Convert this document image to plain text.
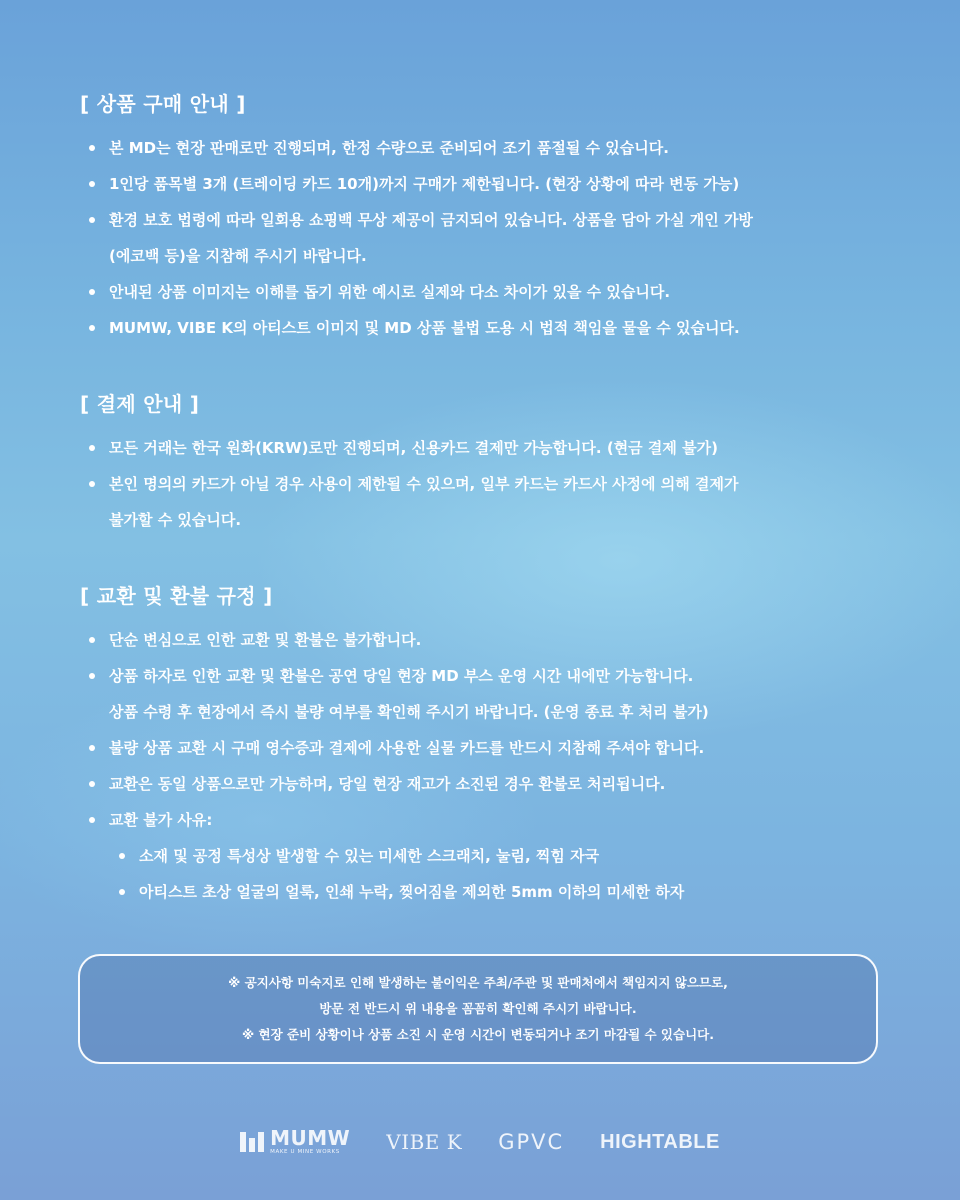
[ 상품 구매 안내 ]
본 MD는 현장 판매로만 진행되며, 한정 수량으로 준비되어 조기 품절될 수 있습니다.
1인당 품목별 3개 (트레이딩 카드 10개)까지 구매가 제한됩니다. (현장 상황에 따라 변동 가능)
환경 보호 법령에 따라 일회용 쇼핑백 무상 제공이 금지되어 있습니다. 상품을 담아 가실 개인 가방
(에코백 등)을 지참해 주시기 바랍니다.
안내된 상품 이미지는 이해를 돕기 위한 예시로 실제와 다소 차이가 있을 수 있습니다.
MUMW, VIBE K의 아티스트 이미지 및 MD 상품 불법 도용 시 법적 책임을 물을 수 있습니다.
[ 결제 안내 ]
모든 거래는 한국 원화(KRW)로만 진행되며, 신용카드 결제만 가능합니다. (현금 결제 불가)
본인 명의의 카드가 아닐 경우 사용이 제한될 수 있으며, 일부 카드는 카드사 사정에 의해 결제가
불가할 수 있습니다.
[ 교환 및 환불 규정 ]
단순 변심으로 인한 교환 및 환불은 불가합니다.
상품 하자로 인한 교환 및 환불은 공연 당일 현장 MD 부스 운영 시간 내에만 가능합니다.
상품 수령 후 현장에서 즉시 불량 여부를 확인해 주시기 바랍니다. (운영 종료 후 처리 불가)
불량 상품 교환 시 구매 영수증과 결제에 사용한 실물 카드를 반드시 지참해 주셔야 합니다.
교환은 동일 상품으로만 가능하며, 당일 현장 재고가 소진된 경우 환불로 처리됩니다.
교환 불가 사유:
소재 및 공정 특성상 발생할 수 있는 미세한 스크래치, 눌림, 찍힘 자국
아티스트 초상 얼굴의 얼룩, 인쇄 누락, 찢어짐을 제외한 5mm 이하의 미세한 하자
※ 공지사항 미숙지로 인해 발생하는 불이익은 주최/주관 및 판매처에서 책임지지 않으므로,
방문 전 반드시 위 내용을 꼼꼼히 확인해 주시기 바랍니다.
※ 현장 준비 상황이나 상품 소진 시 운영 시간이 변동되거나 조기 마감될 수 있습니다.
MUMW
MAKE U MINE WORKS	VIBE K GPVC HIGHTABLE
